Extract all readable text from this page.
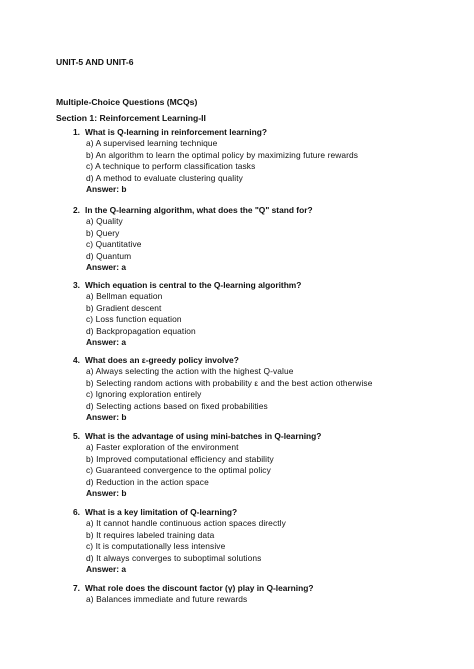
UNIT-5 AND UNIT-6
Multiple-Choice Questions (MCQs)
Section 1: Reinforcement Learning-II
1. What is Q-learning in reinforcement learning?
a) A supervised learning technique
b) An algorithm to learn the optimal policy by maximizing future rewards
c) A technique to perform classification tasks
d) A method to evaluate clustering quality
Answer: b
2. In the Q-learning algorithm, what does the "Q" stand for?
a) Quality
b) Query
c) Quantitative
d) Quantum
Answer: a
3. Which equation is central to the Q-learning algorithm?
a) Bellman equation
b) Gradient descent
c) Loss function equation
d) Backpropagation equation
Answer: a
4. What does an ε-greedy policy involve?
a) Always selecting the action with the highest Q-value
b) Selecting random actions with probability ε and the best action otherwise
c) Ignoring exploration entirely
d) Selecting actions based on fixed probabilities
Answer: b
5. What is the advantage of using mini-batches in Q-learning?
a) Faster exploration of the environment
b) Improved computational efficiency and stability
c) Guaranteed convergence to the optimal policy
d) Reduction in the action space
Answer: b
6. What is a key limitation of Q-learning?
a) It cannot handle continuous action spaces directly
b) It requires labeled training data
c) It is computationally less intensive
d) It always converges to suboptimal solutions
Answer: a
7. What role does the discount factor (γ) play in Q-learning?
a) Balances immediate and future rewards
